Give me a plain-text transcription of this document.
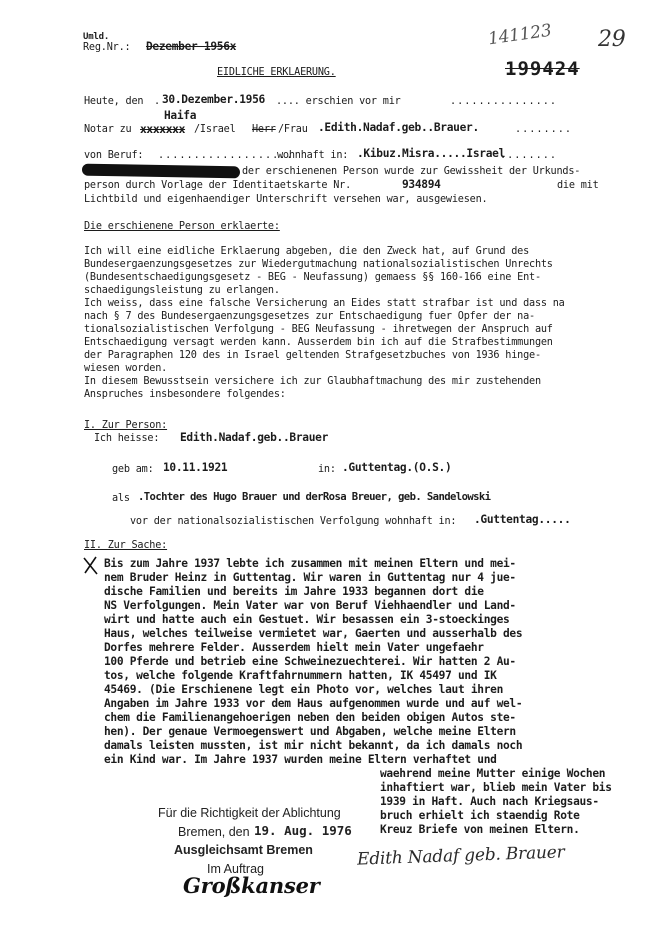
Umld.
Reg.Nr.: Dezember 1956x	141123 29
199424
EIDLICHE ERKLAERUNG.
Heute, den . 30.Dezember.1956 .... erschien vor mir	...............
Notar zu xxxxxxx
Haifa
/Israel Herr /Frau .Edith.Nadaf.geb..Brauer.	........
von Beruf: ...................
wohnhaft in: .Kibuz.Misra.....Israel
........
der erschienenen Person wurde zur Gewissheit der Urkunds-
person durch Vorlage der Identitaetskarte Nr.	934894	die mit
Lichtbild und eigenhaendiger Unterschrift versehen war, ausgewiesen.
Die erschienene Person erklaerte:
Ich will eine eidliche Erklaerung abgeben, die den Zweck hat, auf Grund des
Bundesergaenzungsgesetzes zur Wiedergutmachung nationalsozialistischen Unrechts
(Bundesentschaedigungsgesetz - BEG - Neufassung) gemaess §§ 160-166 eine Ent-
schaedigungsleistung zu erlangen.
Ich weiss, dass eine falsche Versicherung an Eides statt strafbar ist und dass na
nach § 7 des Bundesergaenzungsgesetzes zur Entschaedigung fuer Opfer der na-
tionalsozialistischen Verfolgung - BEG Neufassung - ihretwegen der Anspruch auf
Entschaedigung versagt werden kann. Ausserdem bin ich auf die Strafbestimmungen
der Paragraphen 120 des in Israel geltenden Strafgesetzbuches von 1936 hinge-
wiesen worden.
In diesem Bewusstsein versichere ich zur Glaubhaftmachung des mir zustehenden
Anspruches insbesondere folgendes:
I. Zur Person:
Ich heisse: Edith.Nadaf.geb..Brauer
geb am: 10.11.1921	in: .Guttentag.(O.S.)
als .Tochter des Hugo Brauer und derRosa Breuer, geb. Sandelowski
vor der nationalsozialistischen Verfolgung wohnhaft in: .Guttentag.....
II. Zur Sache:
Bis zum Jahre 1937 lebte ich zusammen mit meinen Eltern und mei-
nem Bruder Heinz in Guttentag. Wir waren in Guttentag nur 4 jue-
dische Familien und bereits im Jahre 1933 begannen dort die
NS Verfolgungen. Mein Vater war von Beruf Viehhaendler und Land-
wirt und hatte auch ein Gestuet. Wir besassen ein 3-stoeckinges
Haus, welches teilweise vermietet war, Gaerten und ausserhalb des
Dorfes mehrere Felder. Ausserdem hielt mein Vater ungefaehr
100 Pferde und betrieb eine Schweinezuechterei. Wir hatten 2 Au-
tos, welche folgende Kraftfahrnummern hatten, IK 45497 und IK
45469. (Die Erschienene legt ein Photo vor, welches laut ihren
Angaben im Jahre 1933 vor dem Haus aufgenommen wurde und auf wel-
chem die Familienangehoerigen neben den beiden obigen Autos ste-
hen). Der genaue Vermoegenswert und Abgaben, welche meine Eltern
damals leisten mussten, ist mir nicht bekannt, da ich damals noch
ein Kind war. Im Jahre 1937 wurden meine Eltern verhaftet und
waehrend meine Mutter einige Wochen
inhaftiert war, blieb mein Vater bis
1939 in Haft. Auch nach Kriegsaus-
bruch erhielt ich staendig Rote
Kreuz Briefe von meinen Eltern.
Für die Richtigkeit der Ablichtung
Bremen, den 19. Aug. 1976
Ausgleichsamt Bremen
Im Auftrag
Großkanser
Edith Nadaf geb. Brauer
